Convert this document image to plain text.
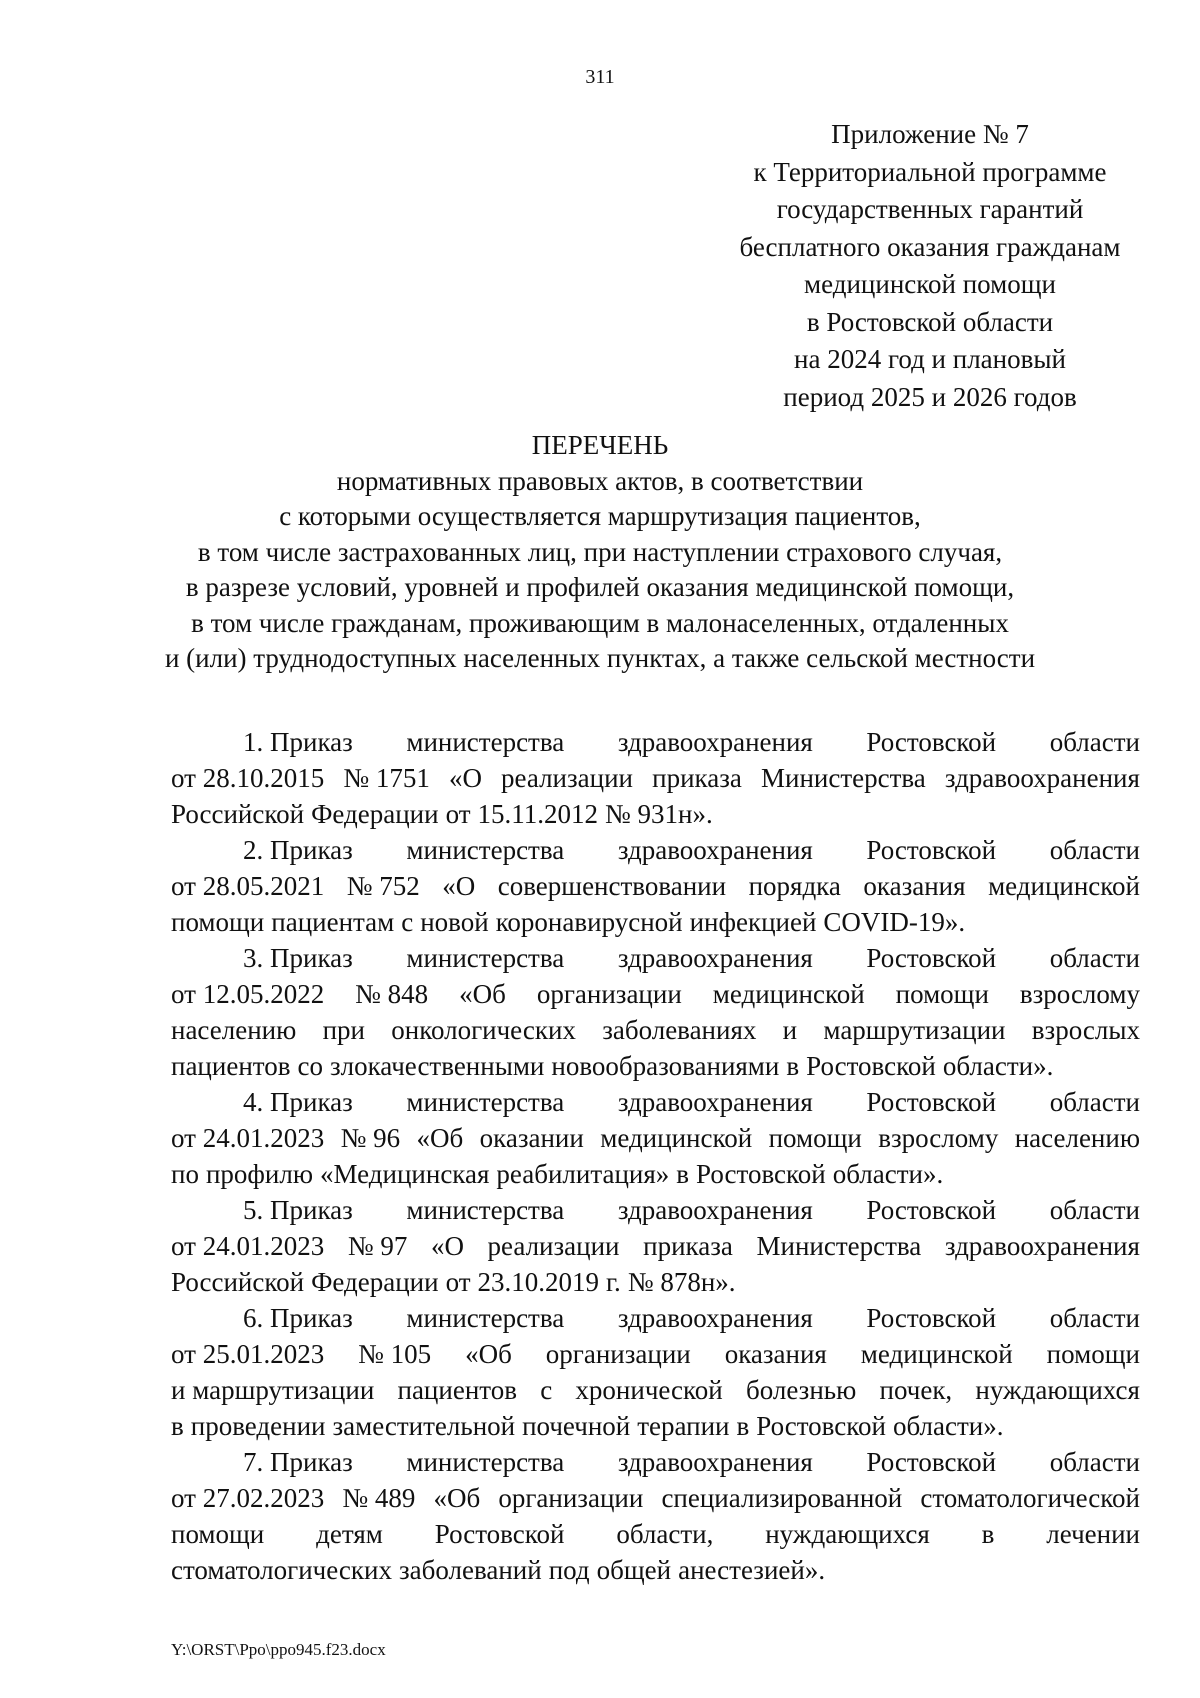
311
Приложение № 7
к Территориальной программе
государственных гарантий
бесплатного оказания гражданам
медицинской помощи
в Ростовской области
на 2024 год и плановый
период 2025 и 2026 годов
ПЕРЕЧЕНЬ
нормативных правовых актов, в соответствии
с которыми осуществляется маршрутизация пациентов,
в том числе застрахованных лиц, при наступлении страхового случая,
в разрезе условий, уровней и профилей оказания медицинской помощи,
в том числе гражданам, проживающим в малонаселенных, отдаленных
и (или) труднодоступных населенных пунктах, а также сельской местности
1. Приказ министерства здравоохранения Ростовской области
от 28.10.2015 № 1751 «О реализации приказа Министерства здравоохранения
Российской Федерации от 15.11.2012 № 931н».
2. Приказ министерства здравоохранения Ростовской области
от 28.05.2021 № 752 «О совершенствовании порядка оказания медицинской
помощи пациентам с новой коронавирусной инфекцией COVID-19».
3. Приказ министерства здравоохранения Ростовской области
от 12.05.2022 № 848 «Об организации медицинской помощи взрослому
населению при онкологических заболеваниях и маршрутизации взрослых
пациентов со злокачественными новообразованиями в Ростовской области».
4. Приказ министерства здравоохранения Ростовской области
от 24.01.2023 № 96 «Об оказании медицинской помощи взрослому населению
по профилю «Медицинская реабилитация» в Ростовской области».
5. Приказ министерства здравоохранения Ростовской области
от 24.01.2023 № 97 «О реализации приказа Министерства здравоохранения
Российской Федерации от 23.10.2019 г. № 878н».
6. Приказ министерства здравоохранения Ростовской области
от 25.01.2023 № 105 «Об организации оказания медицинской помощи
и маршрутизации пациентов с хронической болезнью почек, нуждающихся
в проведении заместительной почечной терапии в Ростовской области».
7. Приказ министерства здравоохранения Ростовской области
от 27.02.2023 № 489 «Об организации специализированной стоматологической
помощи детям Ростовской области, нуждающихся в лечении
стоматологических заболеваний под общей анестезией».
Y:\ORST\Ppo\ppo945.f23.docx
